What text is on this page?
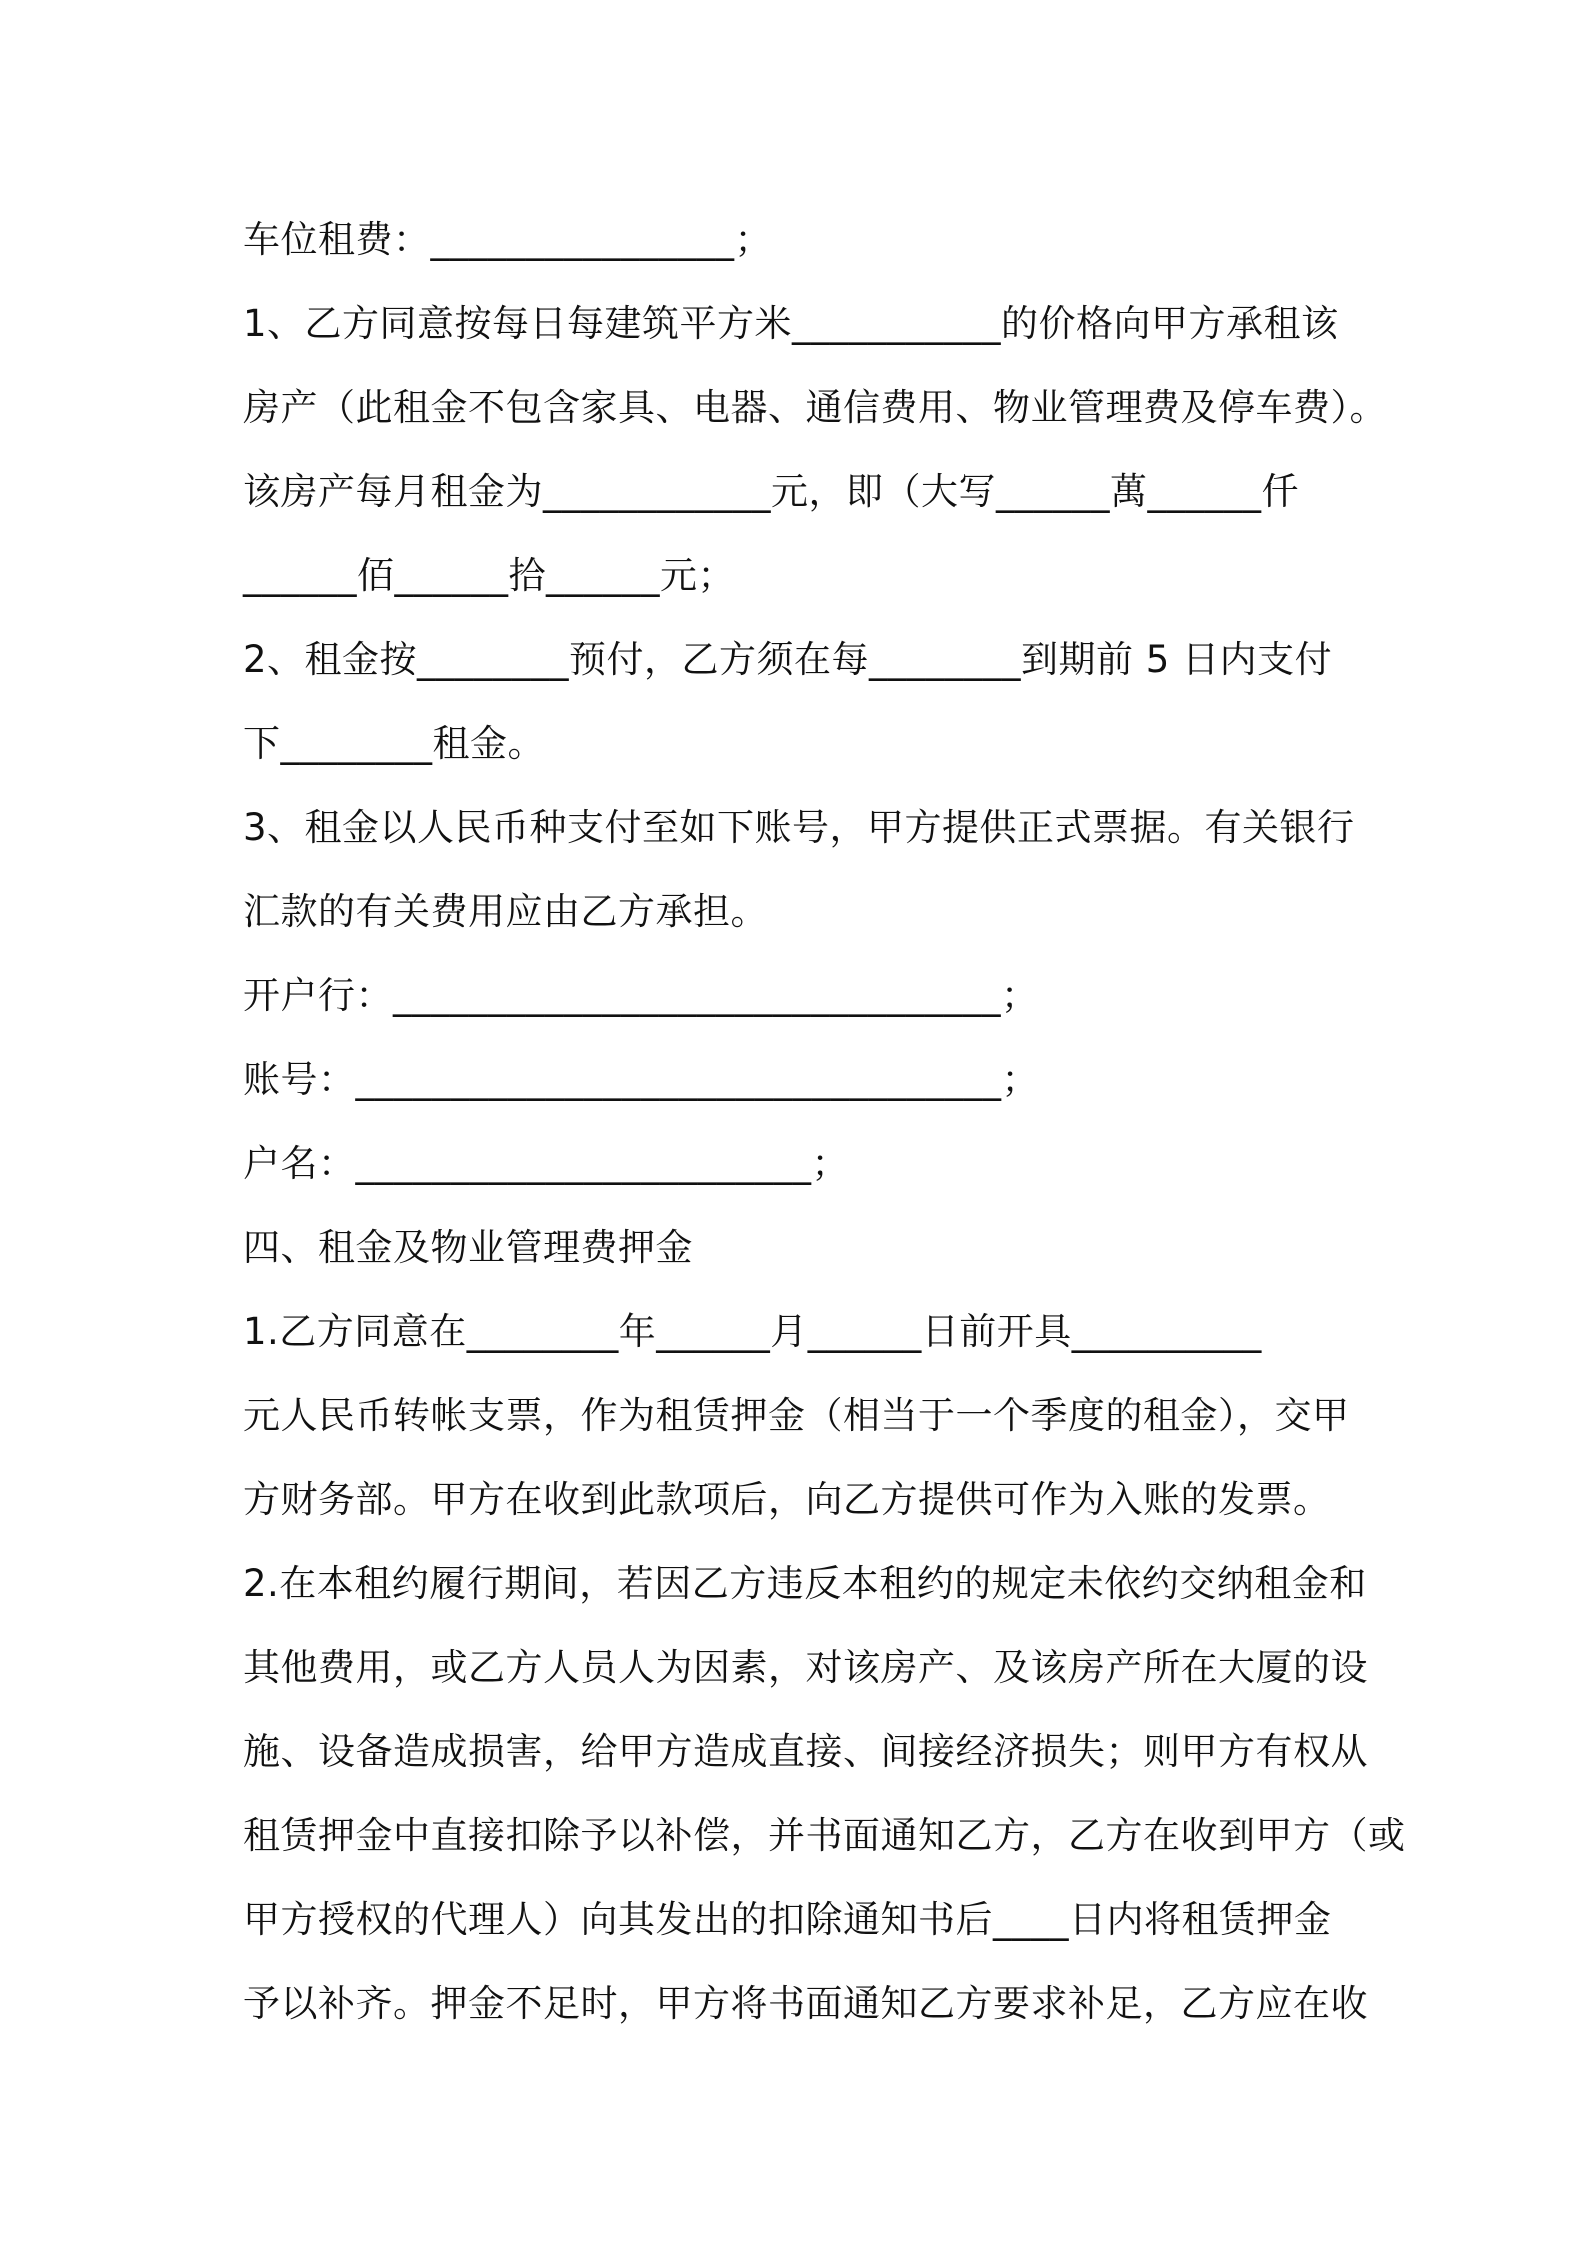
车位租费：________________；
1、乙方同意按每日每建筑平方米___________的价格向甲方承租该
房产（此租金不包含家具、电器、通信费用、物业管理费及停车费）。
该房产每月租金为____________元，即（大写______萬______仟
______佰______拾______元；
2、租金按________预付，乙方须在每________到期前 5 日内支付
下________租金。
3、租金以人民币种支付至如下账号，甲方提供正式票据。有关银行
汇款的有关费用应由乙方承担。
开户行：________________________________；
账号：__________________________________；
户名：________________________；
四、租金及物业管理费押金
1.乙方同意在________年______月______日前开具__________
元人民币转帐支票，作为租赁押金（相当于一个季度的租金），交甲
方财务部。甲方在收到此款项后，向乙方提供可作为入账的发票。
2.在本租约履行期间，若因乙方违反本租约的规定未依约交纳租金和
其他费用，或乙方人员人为因素，对该房产、及该房产所在大厦的设
施、设备造成损害，给甲方造成直接、间接经济损失；则甲方有权从
租赁押金中直接扣除予以补偿，并书面通知乙方，乙方在收到甲方（或
甲方授权的代理人）向其发出的扣除通知书后____日内将租赁押金
予以补齐。押金不足时，甲方将书面通知乙方要求补足，乙方应在收
